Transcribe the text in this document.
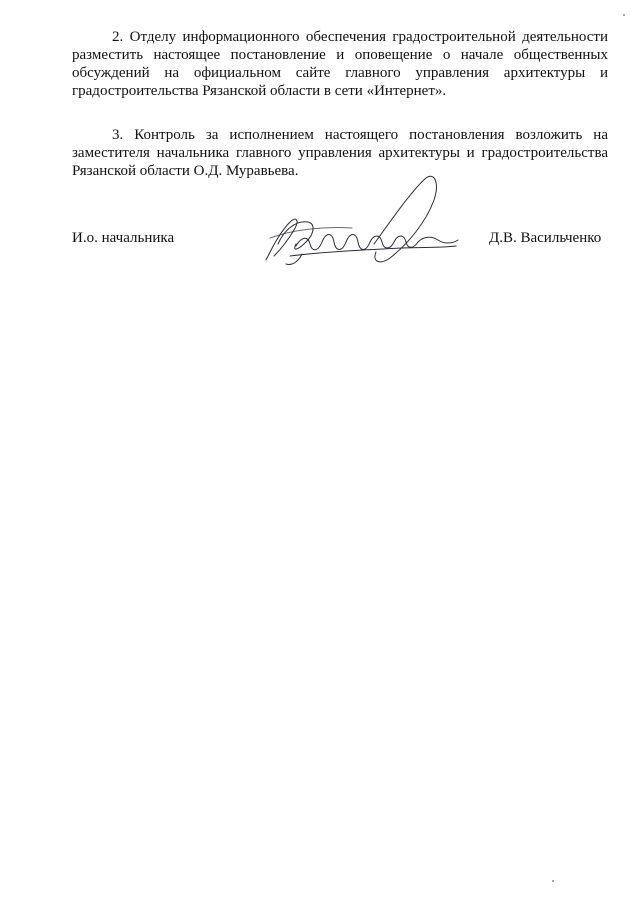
2. Отделу информационного обеспечения градостроительной деятельности разместить настоящее постановление и оповещение о начале общественных обсуждений на официальном сайте главного управления архитектуры и градостроительства Рязанской области в сети «Интернет».

3. Контроль за исполнением настоящего постановления возложить на заместителя начальника главного управления архитектуры и градостроительства Рязанской области О.Д. Муравьева.

И.о. начальника	Д.В. Васильченко
